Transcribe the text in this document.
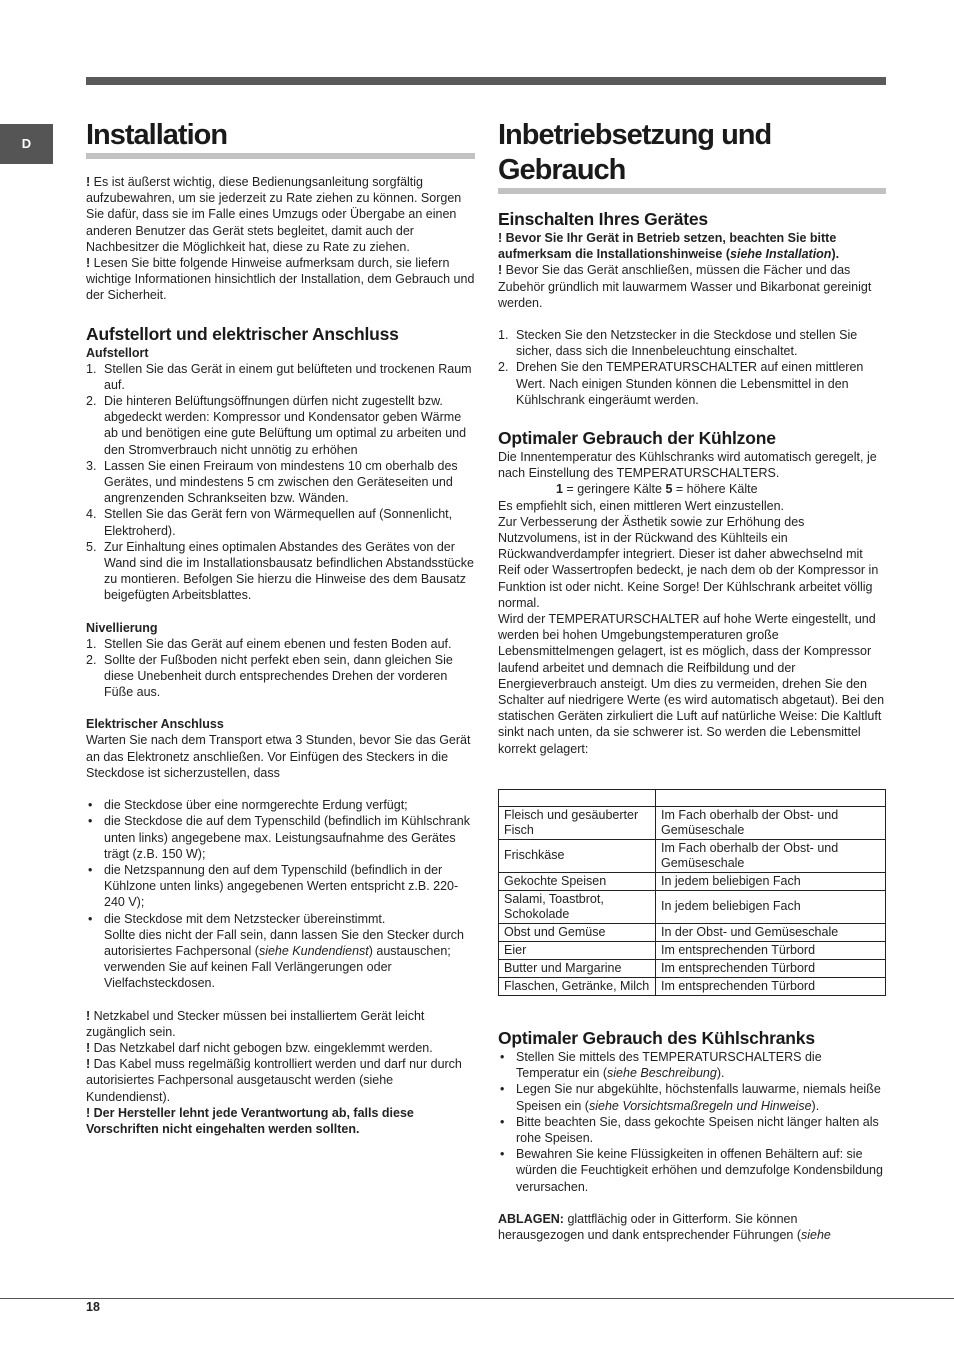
D	Installation

! Es ist äußerst wichtig, diese Bedienungsanleitung sorgfältig aufzubewahren, um sie jederzeit zu Rate ziehen zu können. Sorgen Sie dafür, dass sie im Falle eines Umzugs oder Übergabe an einen anderen Benutzer das Gerät stets begleitet, damit auch der Nachbesitzer die Möglichkeit hat, diese zu Rate zu ziehen.

! Lesen Sie bitte folgende Hinweise aufmerksam durch, sie liefern wichtige Informationen hinsichtlich der Installation, dem Gebrauch und der Sicherheit.

Aufstellort und elektrischer Anschluss
Aufstellort
1. Stellen Sie das Gerät in einem gut belüfteten und trockenen Raum auf.
2. Die hinteren Belüftungsöffnungen dürfen nicht zugestellt bzw. abgedeckt werden: Kompressor und Kondensator geben Wärme ab und benötigen eine gute Belüftung um optimal zu arbeiten und den Stromverbrauch nicht unnötig zu erhöhen
3. Lassen Sie einen Freiraum von mindestens 10 cm oberhalb des Gerätes, und mindestens 5 cm zwischen den Geräteseiten und angrenzenden Schrankseiten bzw. Wänden.
4. Stellen Sie das Gerät fern von Wärmequellen auf (Sonnenlicht, Elektroherd).
5. Zur Einhaltung eines optimalen Abstandes des Gerätes von der Wand sind die im Installationsbausatz befindlichen Abstandsstücke zu montieren. Befolgen Sie hierzu die Hinweise des dem Bausatz beigefügten Arbeitsblattes.
Nivellierung
1. Stellen Sie das Gerät auf einem ebenen und festen Boden auf.
2. Sollte der Fußboden nicht perfekt eben sein, dann gleichen Sie diese Unebenheit durch entsprechendes Drehen der vorderen Füße aus.
Elektrischer Anschluss

Warten Sie nach dem Transport etwa 3 Stunden, bevor Sie das Gerät an das Elektronetz anschließen. Vor Einfügen des Steckers in die Steckdose ist sicherzustellen, dass

• die Steckdose über eine normgerechte Erdung verfügt;
• die Steckdose die auf dem Typenschild (befindlich im Kühlschrank unten links) angegebene max. Leistungsaufnahme des Gerätes trägt (z.B. 150 W);
• die Netzspannung den auf dem Typenschild (befindlich in der Kühlzone unten links) angegebenen Werten entspricht z.B. 220-240 V);
• die Steckdose mit dem Netzstecker übereinstimmt.
Sollte dies nicht der Fall sein, dann lassen Sie den Stecker durch autorisiertes Fachpersonal (siehe Kundendienst) austauschen; verwenden Sie auf keinen Fall Verlängerungen oder Vielfachsteckdosen.

! Netzkabel und Stecker müssen bei installiertem Gerät leicht zugänglich sein.

! Das Netzkabel darf nicht gebogen bzw. eingeklemmt werden.

! Das Kabel muss regelmäßig kontrolliert werden und darf nur durch autorisiertes Fachpersonal ausgetauscht werden (siehe Kundendienst).

! Der Hersteller lehnt jede Verantwortung ab, falls diese Vorschriften nicht eingehalten werden sollten.

Inbetriebsetzung und
Gebrauch
Einschalten Ihres Gerätes

! Bevor Sie Ihr Gerät in Betrieb setzen, beachten Sie bitte aufmerksam die Installationshinweise (siehe Installation).

! Bevor Sie das Gerät anschließen, müssen die Fächer und das Zubehör gründlich mit lauwarmem Wasser und Bikarbonat gereinigt werden.

1. Stecken Sie den Netzstecker in die Steckdose und stellen Sie sicher, dass sich die Innenbeleuchtung einschaltet.
2. Drehen Sie den TEMPERATURSCHALTER auf einen mittleren Wert. Nach einigen Stunden können die Lebensmittel in den Kühlschrank eingeräumt werden.
Optimaler Gebrauch der Kühlzone

Die Innentemperatur des Kühlschranks wird automatisch geregelt, je nach Einstellung des TEMPERATURSCHALTERS.

1 = geringere Kälte 5 = höhere Kälte

Es empfiehlt sich, einen mittleren Wert einzustellen.

Zur Verbesserung der Ästhetik sowie zur Erhöhung des Nutzvolumens, ist in der Rückwand des Kühlteils ein Rückwandverdampfer integriert. Dieser ist daher abwechselnd mit Reif oder Wassertropfen bedeckt, je nach dem ob der Kompressor in Funktion ist oder nicht. Keine Sorge! Der Kühlschrank arbeitet völlig normal.

Wird der TEMPERATURSCHALTER auf hohe Werte eingestellt, und werden bei hohen Umgebungstemperaturen große Lebensmittelmengen gelagert, ist es möglich, dass der Kompressor laufend arbeitet und demnach die Reifbildung und der Energieverbrauch ansteigt. Um dies zu vermeiden, drehen Sie den Schalter auf niedrigere Werte (es wird automatisch abgetaut). Bei den statischen Geräten zirkuliert die Luft auf natürliche Weise: Die Kaltluft sinkt nach unten, da sie schwerer ist. So werden die Lebensmittel korrekt gelagert:

Fleisch und gesäuberter Fisch	Im Fach oberhalb der Obst- und Gemüseschale
Frischkäse	Im Fach oberhalb der Obst- und Gemüseschale
Gekochte Speisen	In jedem beliebigen Fach
Salami, Toastbrot, Schokolade	In jedem beliebigen Fach
Obst und Gemüse	In der Obst- und Gemüseschale
Eier	Im entsprechenden Türbord
Butter und Margarine	Im entsprechenden Türbord
Flaschen, Getränke, Milch	Im entsprechenden Türbord
Optimaler Gebrauch des Kühlschranks
• Stellen Sie mittels des TEMPERATURSCHALTERS die Temperatur ein (siehe Beschreibung).
• Legen Sie nur abgekühlte, höchstenfalls lauwarme, niemals heiße Speisen ein (siehe Vorsichtsmaßregeln und Hinweise).
• Bitte beachten Sie, dass gekochte Speisen nicht länger halten als rohe Speisen.
• Bewahren Sie keine Flüssigkeiten in offenen Behältern auf: sie würden die Feuchtigkeit erhöhen und demzufolge Kondensbildung verursachen.

ABLAGEN: glattflächig oder in Gitterform. Sie können herausgezogen und dank entsprechender Führungen (siehe

18
